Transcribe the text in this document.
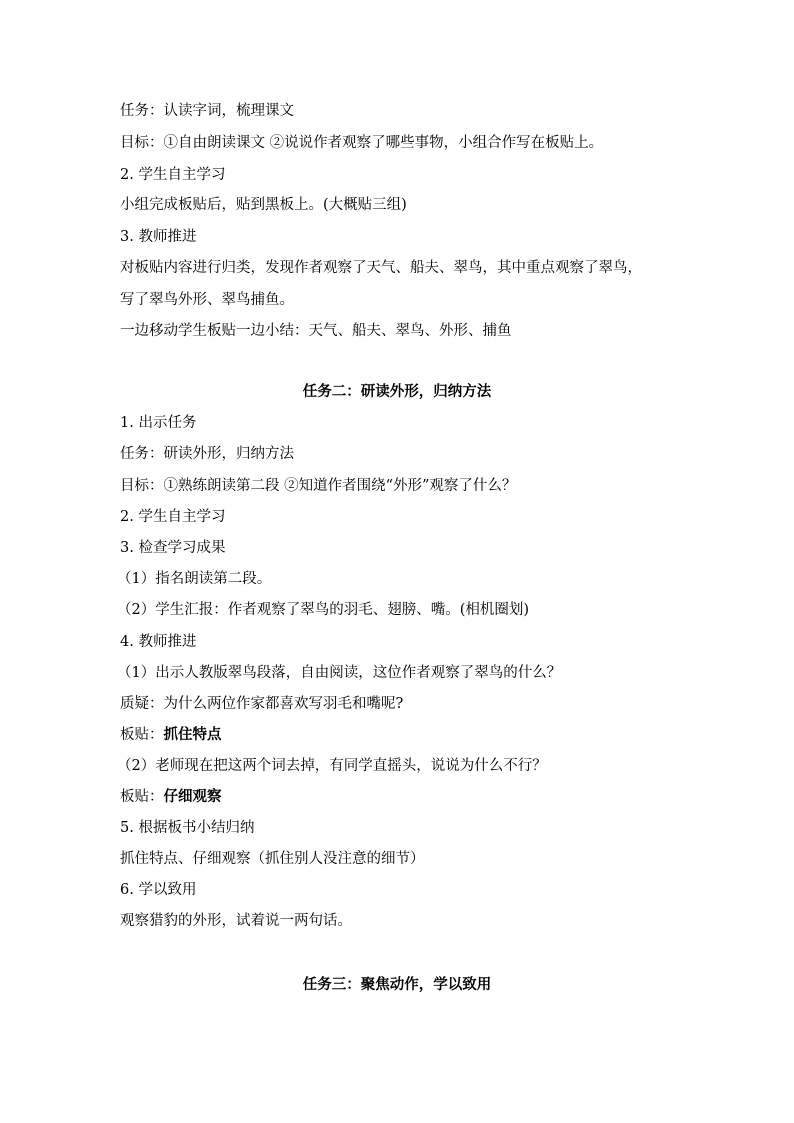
任务：认读字词，梳理课文
目标：①自由朗读课文 ②说说作者观察了哪些事物，小组合作写在板贴上。
2. 学生自主学习
小组完成板贴后，贴到黑板上。(大概贴三组)
3. 教师推进
对板贴内容进行归类，发现作者观察了天气、船夫、翠鸟，其中重点观察了翠鸟，
写了翠鸟外形、翠鸟捕鱼。
一边移动学生板贴一边小结：天气、船夫、翠鸟、外形、捕鱼
任务二：研读外形，归纳方法
1. 出示任务
任务：研读外形，归纳方法
目标：①熟练朗读第二段 ②知道作者围绕“外形”观察了什么？
2. 学生自主学习
3. 检查学习成果
（1）指名朗读第二段。
（2）学生汇报：作者观察了翠鸟的羽毛、翅膀、嘴。(相机圈划)
4. 教师推进
（1）出示人教版翠鸟段落，自由阅读，这位作者观察了翠鸟的什么？
质疑：为什么两位作家都喜欢写羽毛和嘴呢?
板贴：抓住特点
（2）老师现在把这两个词去掉，有同学直摇头，说说为什么不行？
板贴：仔细观察
5. 根据板书小结归纳
抓住特点、仔细观察（抓住别人没注意的细节）
6. 学以致用
观察猎豹的外形，试着说一两句话。
任务三：聚焦动作，学以致用
